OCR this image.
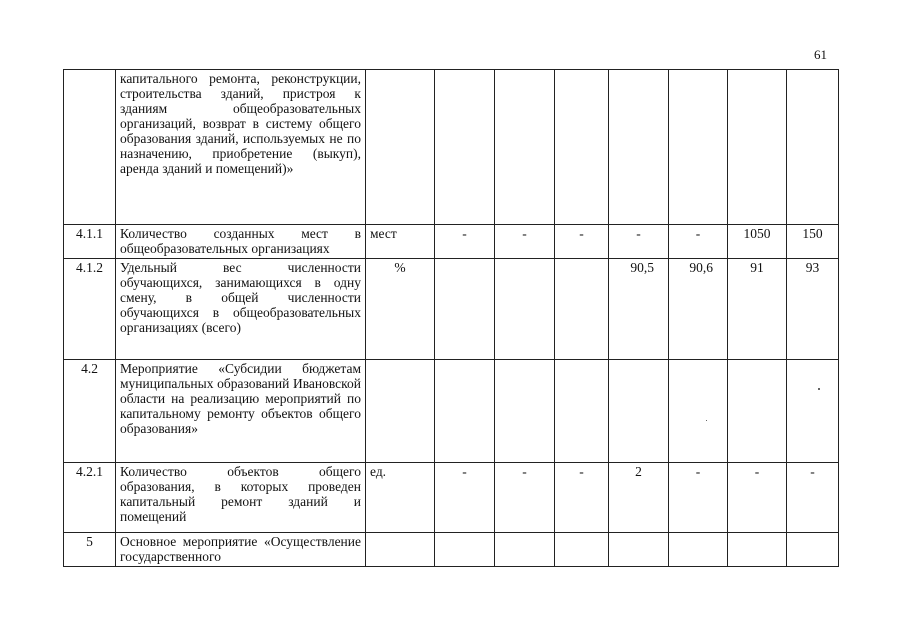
61
	капитального ремонта, реконструкции, строительства зданий, пристроя к зданиям общеобразовательных организаций, возврат в систему общего образования зданий, используемых не по назначению, приобретение (выкуп), аренда зданий и помещений)»								
4.1.1	Количество созданных мест в общеобразовательных организациях	мест	-	-	-	-	-	1050	150
4.1.2	Удельный вес численности обучающихся, занимающихся в одну смену, в общей численности обучающихся в общеобразовательных организациях (всего)	%				90,5	90,6	91	93
4.2	Мероприятие «Субсидии бюджетам муниципальных образований Ивановской области на реализацию мероприятий по капитальному ремонту объектов общего образования»								
4.2.1	Количество объектов общего образования, в которых проведен капитальный ремонт зданий и помещений	ед.	-	-	-	2	-	-	-
5	Основное мероприятие «Осуществление государственного								
